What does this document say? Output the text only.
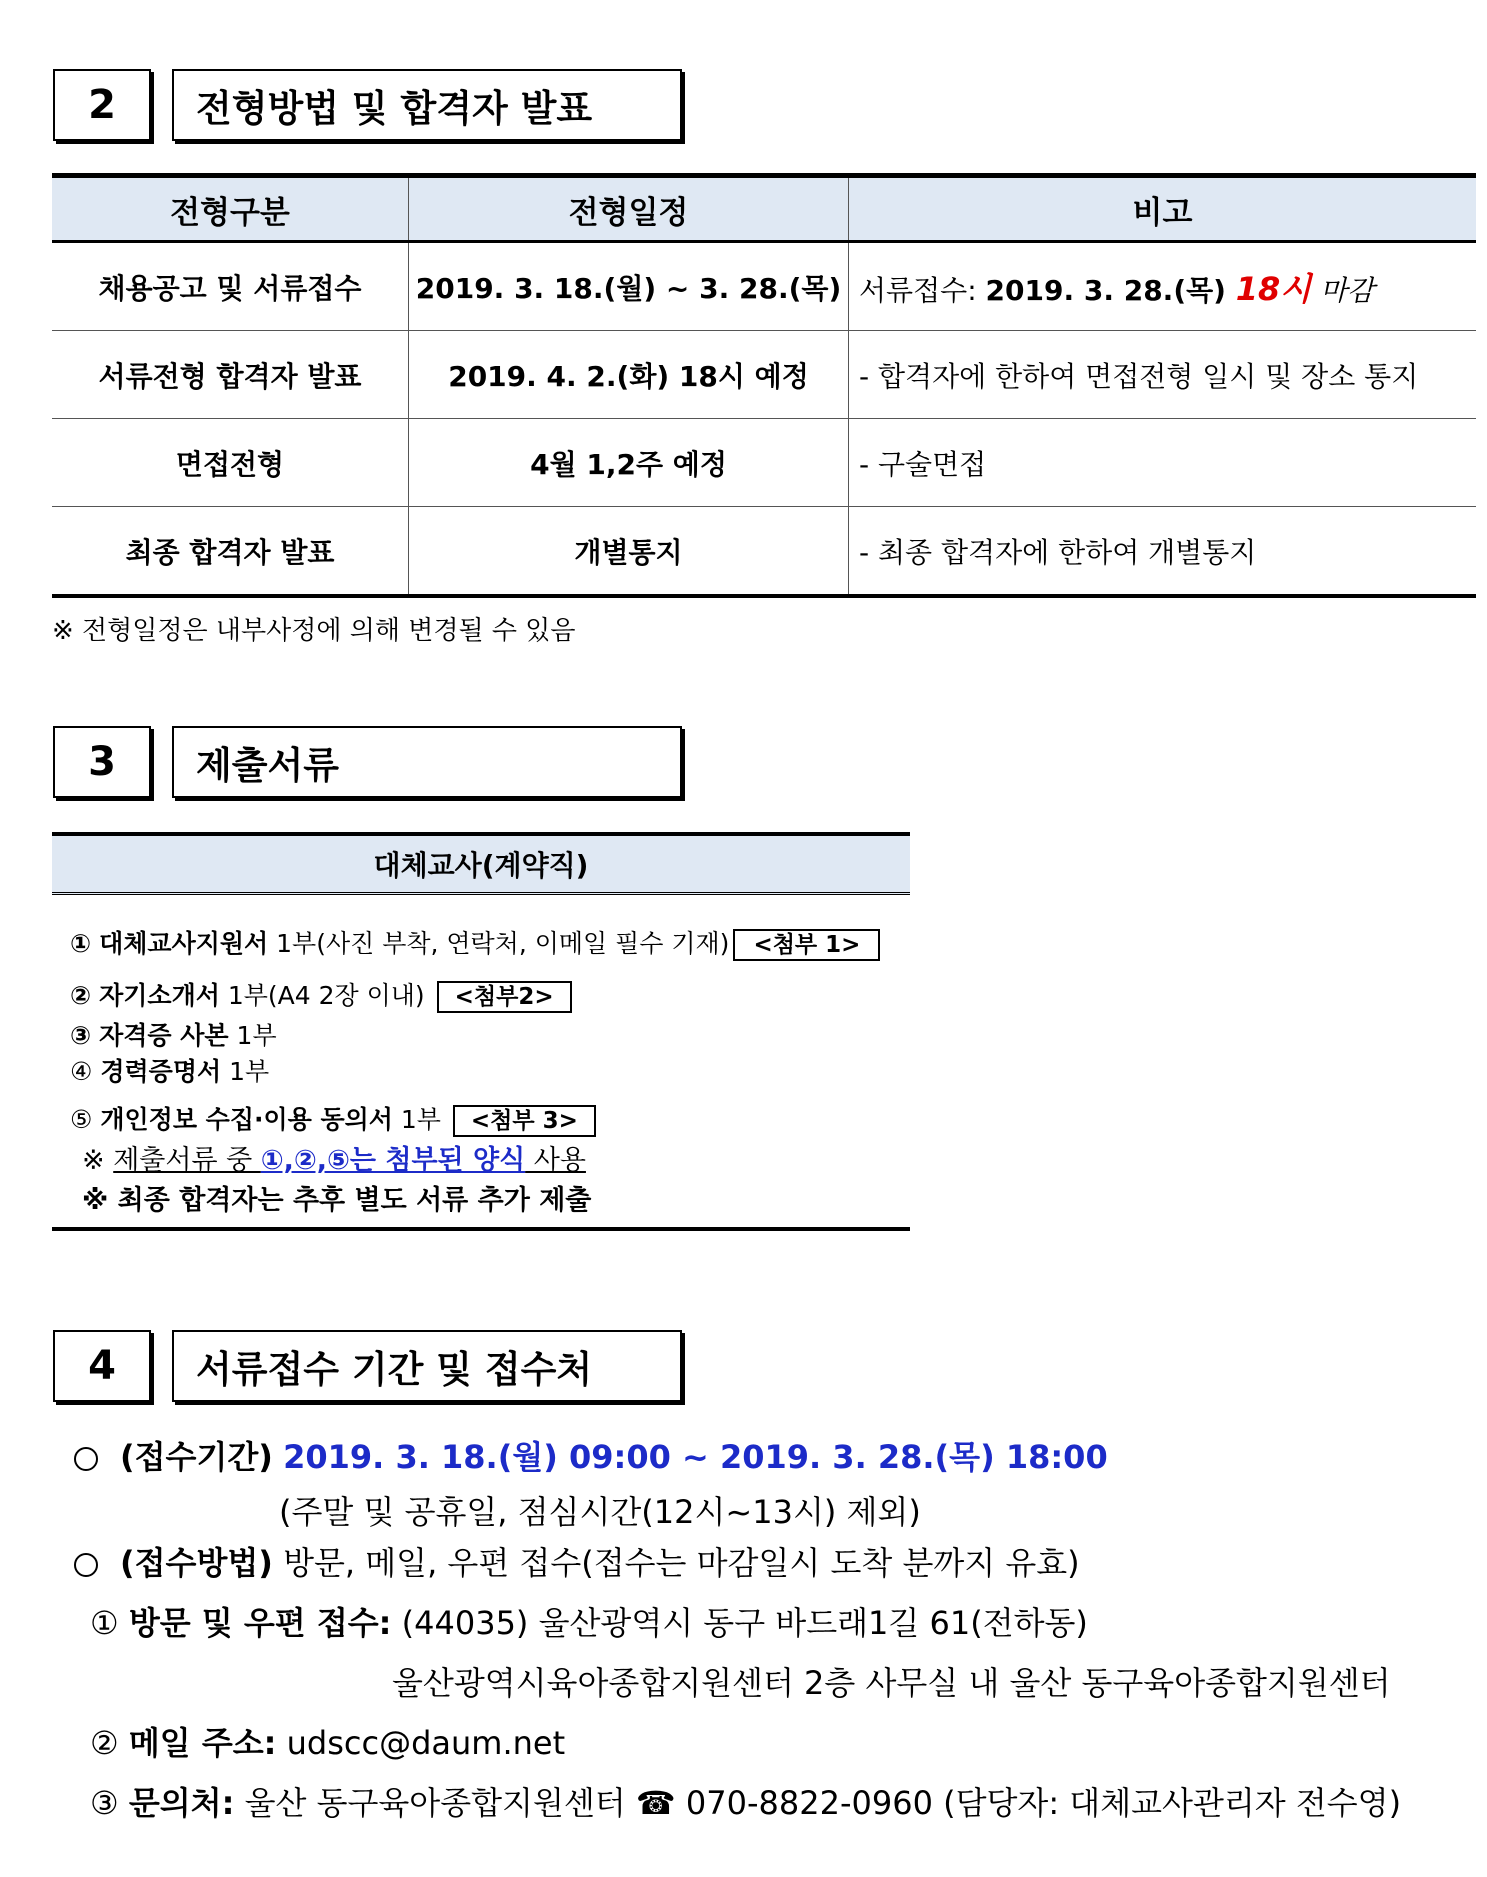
2	전형방법 및 합격자 발표
전형구분	전형일정	비고
채용공고 및 서류접수	2019. 3. 18.(월) ~ 3. 28.(목)	서류접수: 2019. 3. 28.(목) 18시 마감
서류전형 합격자 발표	2019. 4. 2.(화) 18시 예정	- 합격자에 한하여 면접전형 일시 및 장소 통지
면접전형	4월 1,2주 예정	- 구술면접
최종 합격자 발표	개별통지	- 최종 합격자에 한하여 개별통지
※ 전형일정은 내부사정에 의해 변경될 수 있음
3	제출서류
대체교사(계약직)
① 대체교사지원서 1부(사진 부착, 연락처, 이메일 필수 기재) <첨부 1>
② 자기소개서 1부(A4 2장 이내) <첨부2>
③ 자격증 사본 1부
④ 경력증명서 1부
⑤ 개인정보 수집·이용 동의서 1부 <첨부 3>
※ 제출서류 중 ①,②,⑤는 첨부된 양식 사용
※ 최종 합격자는 추후 별도 서류 추가 제출
4	서류접수 기간 및 접수처
(접수기간) 2019. 3. 18.(월) 09:00 ~ 2019. 3. 28.(목) 18:00
(주말 및 공휴일, 점심시간(12시~13시) 제외)
(접수방법) 방문, 메일, 우편 접수(접수는 마감일시 도착 분까지 유효)
① 방문 및 우편 접수: (44035) 울산광역시 동구 바드래1길 61(전하동)
울산광역시육아종합지원센터 2층 사무실 내 울산 동구육아종합지원센터
② 메일 주소: udscc@daum.net
③ 문의처: 울산 동구육아종합지원센터 ☎ 070-8822-0960 (담당자: 대체교사관리자 전수영)
